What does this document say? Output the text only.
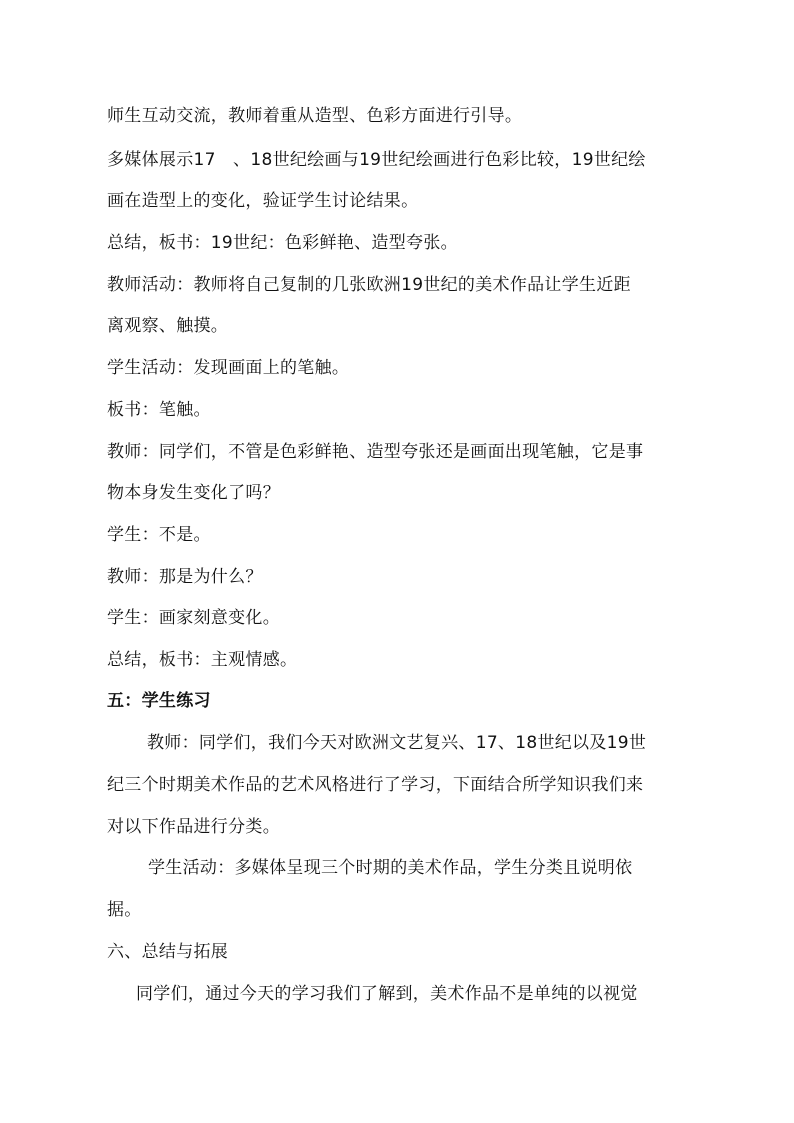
师生互动交流，教师着重从造型、色彩方面进行引导。
多媒体展示17　、18世纪绘画与19世纪绘画进行色彩比较，19世纪绘
画在造型上的变化，验证学生讨论结果。
总结，板书：19世纪：色彩鲜艳、造型夸张。
教师活动：教师将自己复制的几张欧洲19世纪的美术作品让学生近距
离观察、触摸。
学生活动：发现画面上的笔触。
板书：笔触。
教师：同学们，不管是色彩鲜艳、造型夸张还是画面出现笔触，它是事
物本身发生变化了吗？
学生：不是。
教师：那是为什么？
学生：画家刻意变化。
总结，板书：主观情感。
五：学生练习
教师：同学们，我们今天对欧洲文艺复兴、17、18世纪以及19世
纪三个时期美术作品的艺术风格进行了学习，下面结合所学知识我们来
对以下作品进行分类。
学生活动：多媒体呈现三个时期的美术作品，学生分类且说明依
据。
六、总结与拓展
同学们，通过今天的学习我们了解到，美术作品不是单纯的以视觉
